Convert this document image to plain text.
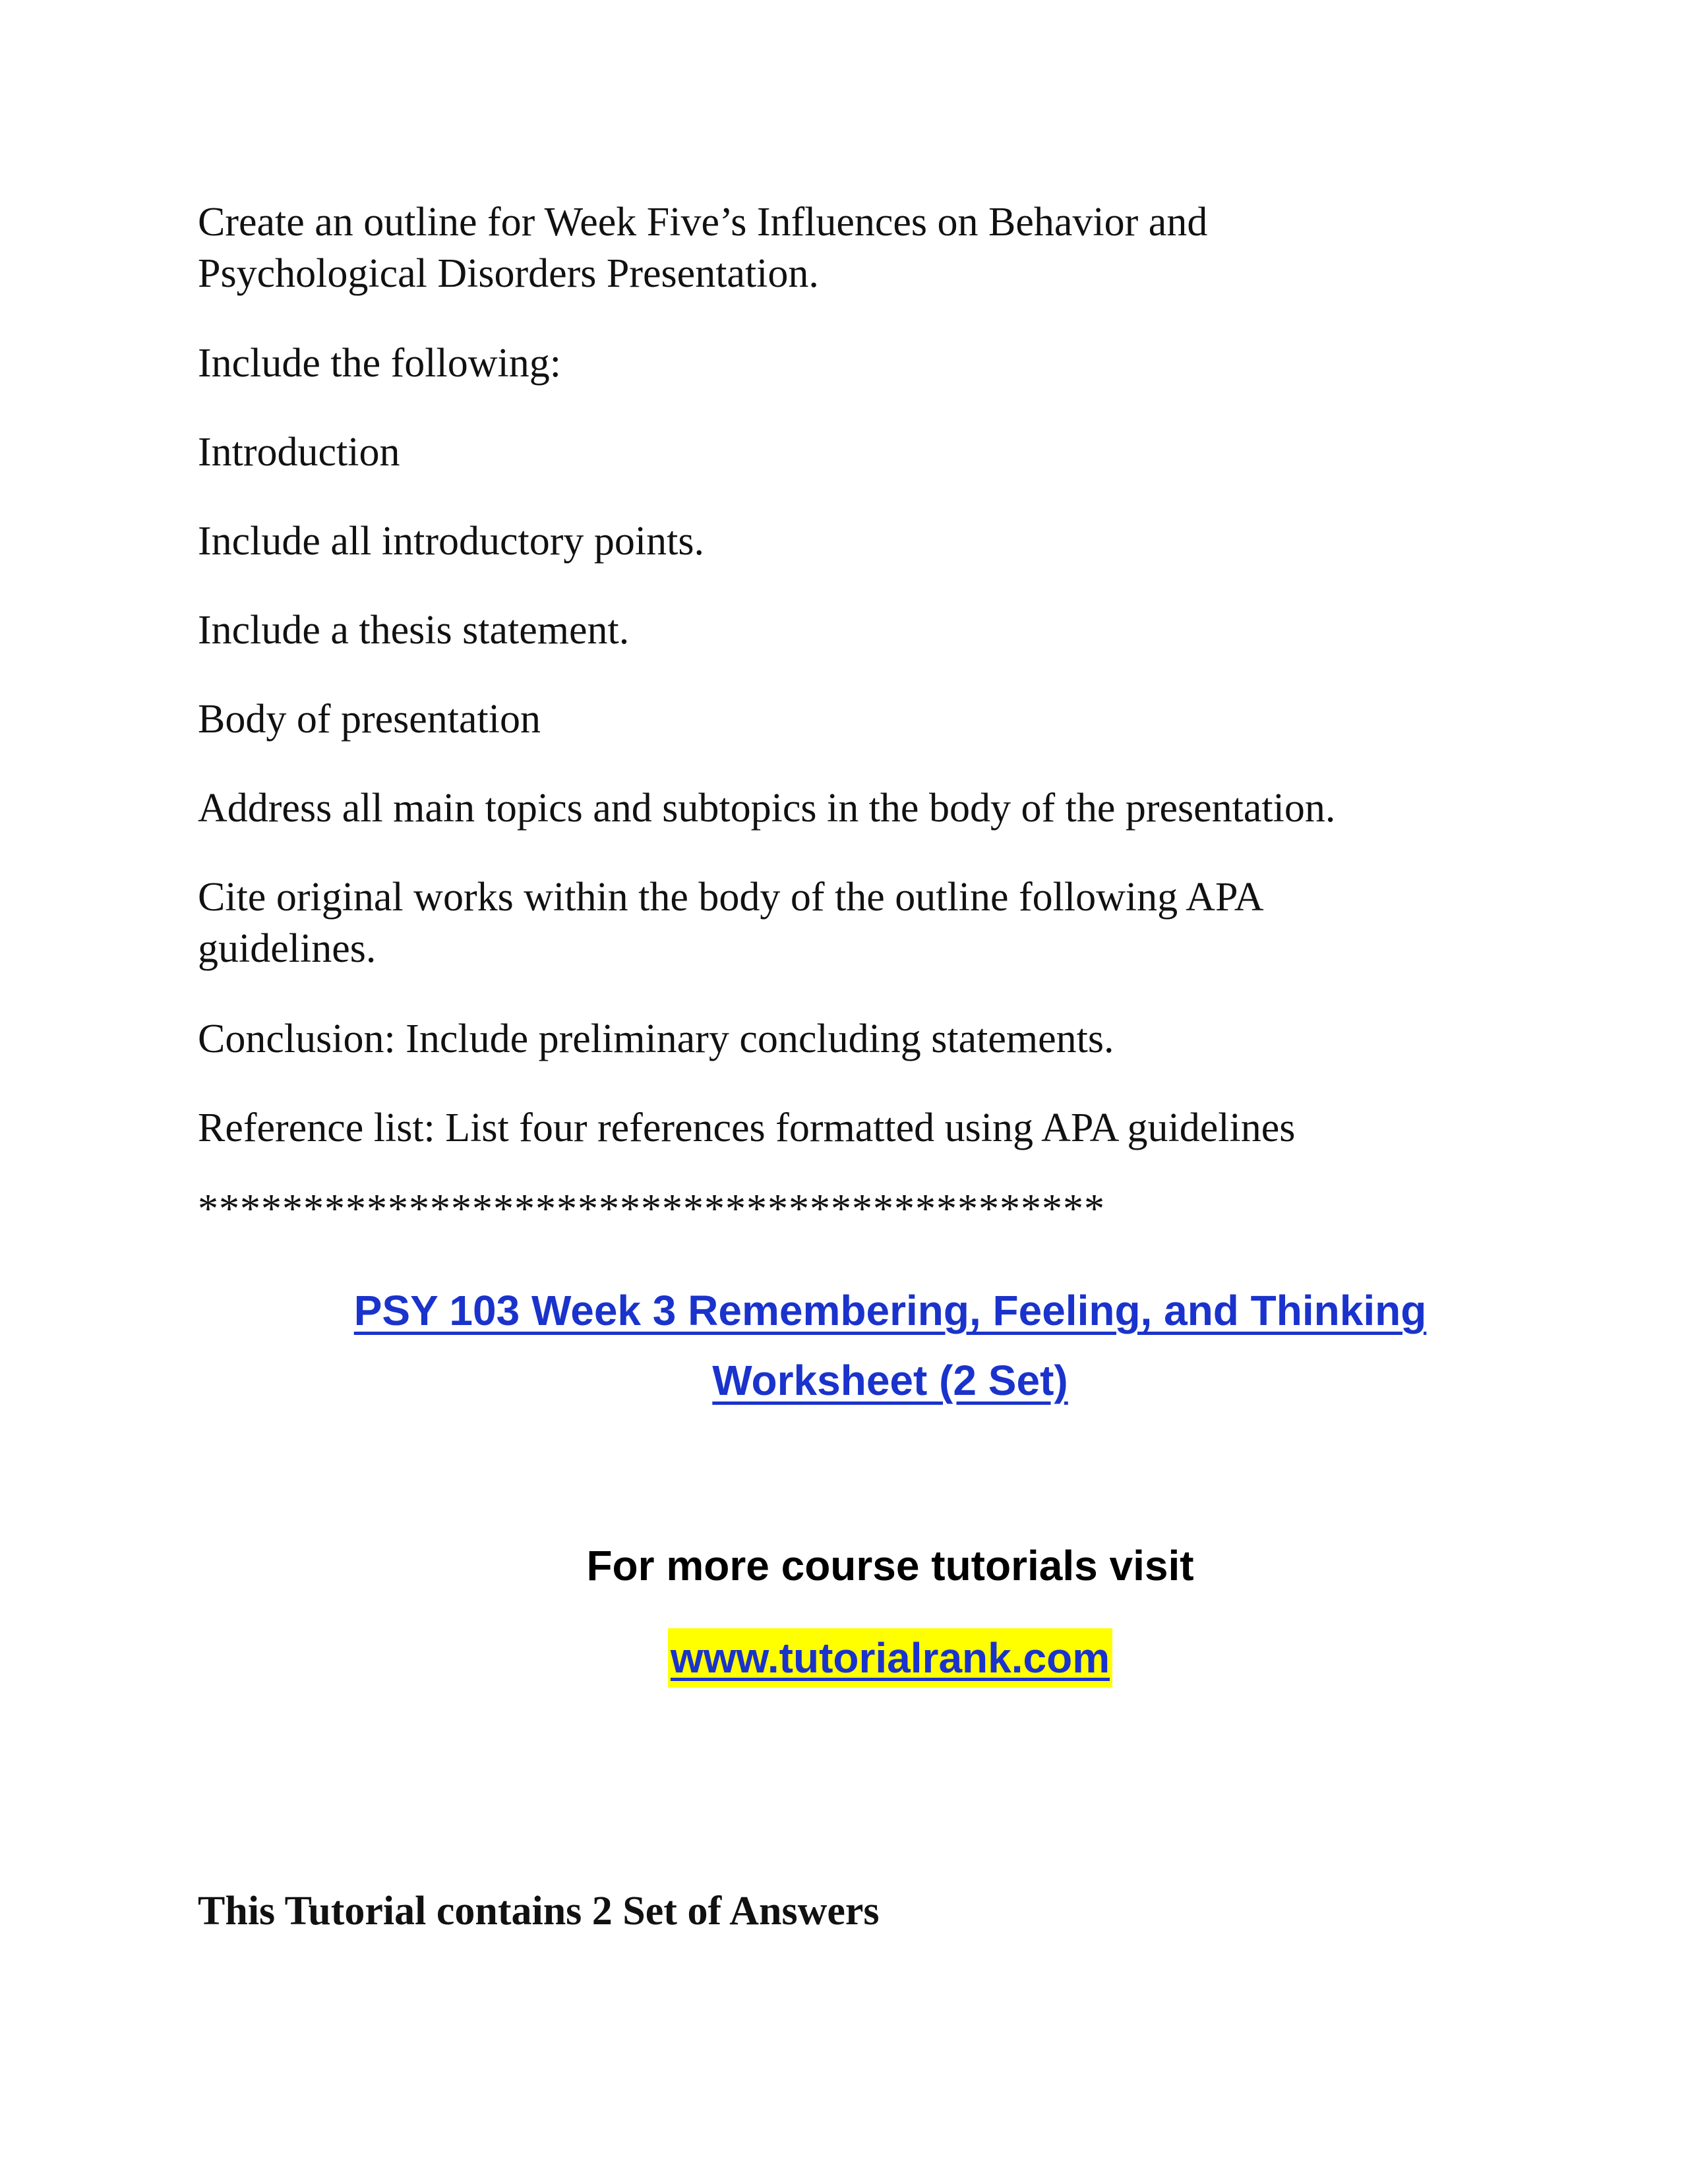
Create an outline for Week Five’s Influences on Behavior and Psychological Disorders Presentation.

Include the following:

Introduction

Include all introductory points.

Include a thesis statement.

Body of presentation

Address all main topics and subtopics in the body of the presentation.

Cite original works within the body of the outline following APA guidelines.

Conclusion: Include preliminary concluding statements.

Reference list: List four references formatted using APA guidelines

*******************************************

PSY 103 Week 3 Remembering, Feeling, and Thinking Worksheet (2 Set)

For more course tutorials visit

www.tutorialrank.com

This Tutorial contains 2 Set of Answers
